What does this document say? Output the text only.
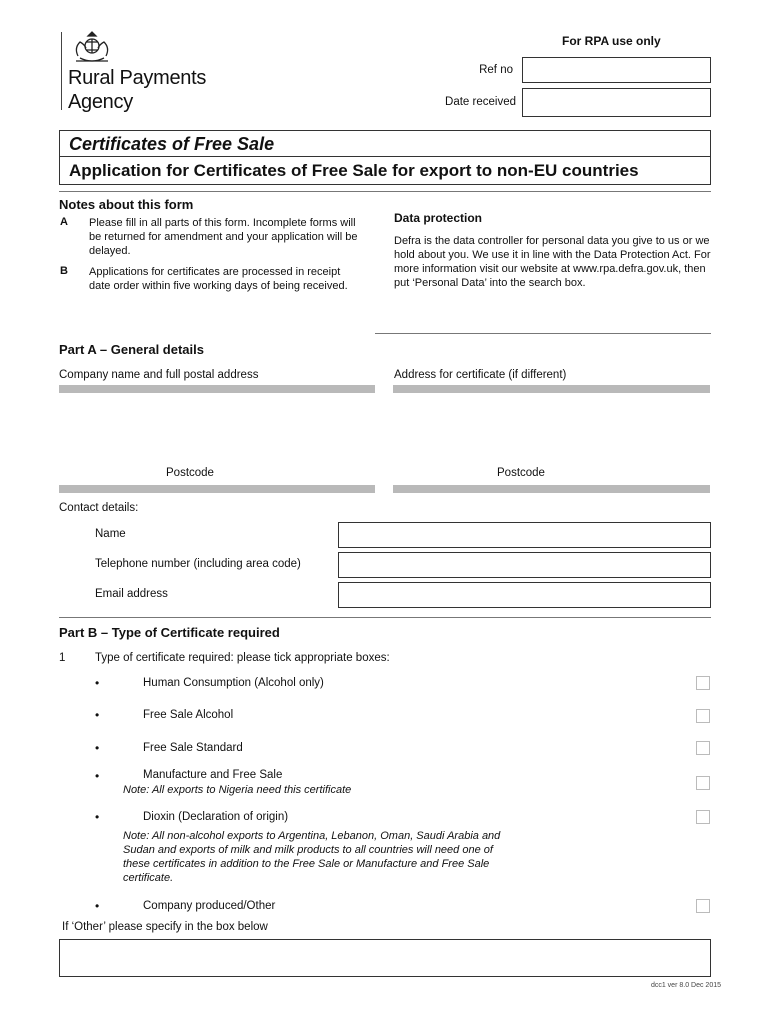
Rural Payments
Agency
For RPA use only
Ref no
Date received
Certificates of Free Sale
Application for Certificates of Free Sale for export to non-EU countries
Notes about this form
A Please fill in all parts of this form. Incomplete forms will be returned for amendment and your application will be delayed.
B Applications for certificates are processed in receipt date order within five working days of being received.
Data protection
Defra is the data controller for personal data you give to us or we hold about you. We use it in line with the Data Protection Act. For more information visit our website at www.rpa.defra.gov.uk, then put ‘Personal Data’ into the search box.
Part A – General details
Company name and full postal address	Address for certificate (if different)
Postcode	Postcode
Contact details:
Name
Telephone number (including area code)
Email address
Part B – Type of Certificate required
1	Type of certificate required: please tick appropriate boxes:
•	Human Consumption (Alcohol only)
•	Free Sale Alcohol
•	Free Sale Standard
•	Manufacture and Free Sale
Note: All exports to Nigeria need this certificate
•	Dioxin (Declaration of origin)
Note: All non-alcohol exports to Argentina, Lebanon, Oman, Saudi Arabia and Sudan and exports of milk and milk products to all countries will need one of these certificates in addition to the Free Sale or Manufacture and Free Sale certificate.
•	Company produced/Other
If ‘Other’ please specify in the box below
dcc1 ver 8.0 Dec 2015
